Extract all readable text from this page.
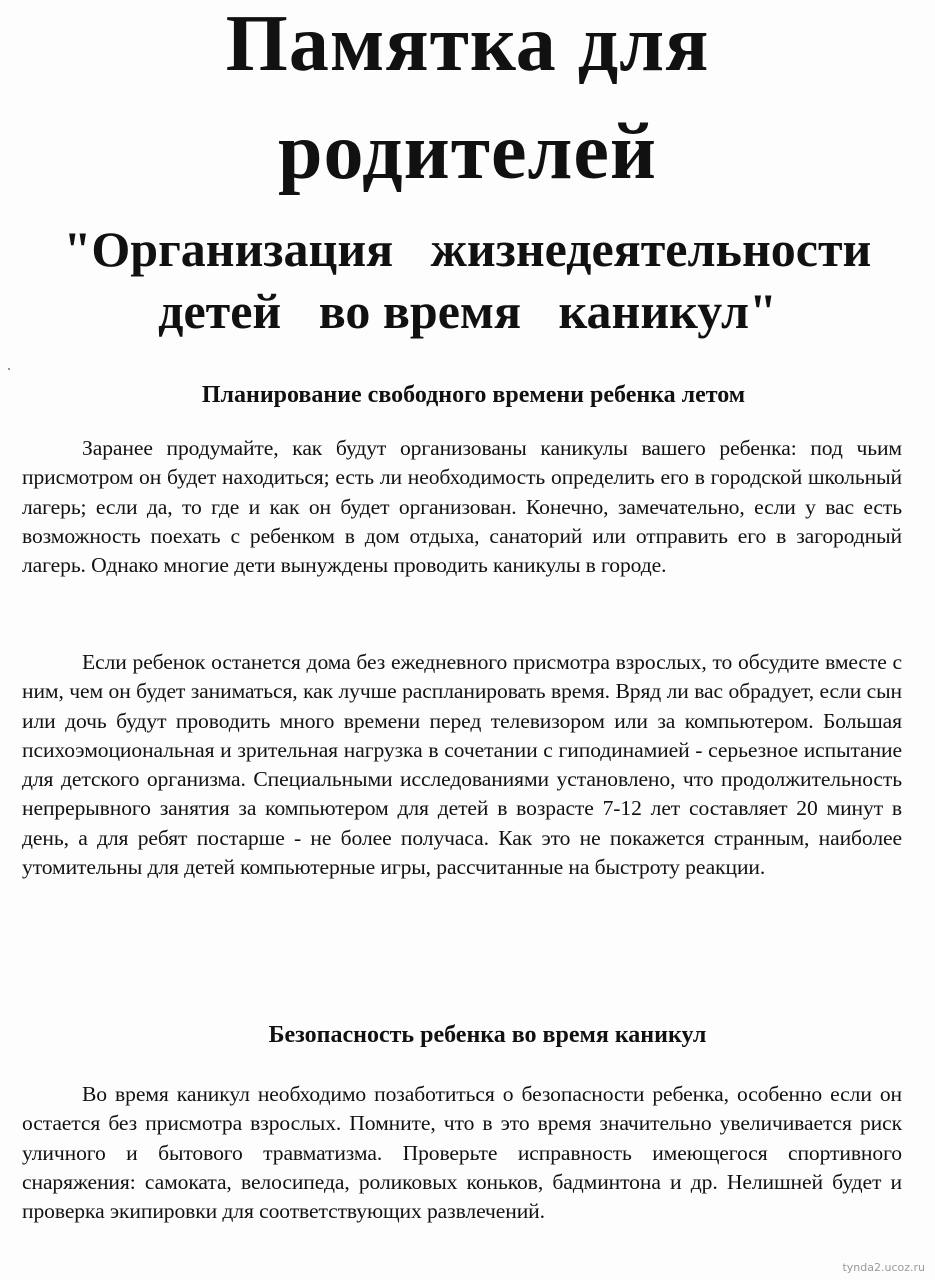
Памятка для
родителей
"Организация   жизнедеятельности
детей   во время   каникул"
Планирование свободного времени ребенка летом

Заранее продумайте, как будут организованы каникулы вашего ребенка: под чьим присмотром он будет находиться; есть ли необходимость определить его в городской школьный лагерь; если да, то где и как он будет организован. Конечно, замечательно, если у вас есть возможность поехать с ребенком в дом отдыха, санаторий или отправить его в загородный лагерь. Однако многие дети вынуждены проводить каникулы в городе.

Если ребенок останется дома без ежедневного присмотра взрослых, то обсудите вместе с ним, чем он будет заниматься, как лучше распланировать время. Вряд ли вас обрадует, если сын или дочь будут проводить много времени перед телевизором или за компьютером. Большая психоэмоциональная и зрительная нагрузка в сочетании с гиподинамией - серьезное испытание для детского организма. Специальными исследованиями установлено, что продолжительность непрерывного занятия за компьютером для детей в возрасте 7-12 лет составляет 20 минут в день, а для ребят постарше - не более получаса. Как это не покажется странным, наиболее утомительны для детей компьютерные игры, рассчитанные на быстроту реакции.

Безопасность ребенка во время каникул

Во время каникул необходимо позаботиться о безопасности ребенка, особенно если он остается без присмотра взрослых. Помните, что в это время значительно увеличивается риск уличного и бытового травматизма. Проверьте исправность имеющегося спортивного снаряжения: самоката, велосипеда, роликовых коньков, бадминтона и др. Нелишней будет и проверка экипировки для соответствующих развлечений.

tynda2.ucoz.ru
